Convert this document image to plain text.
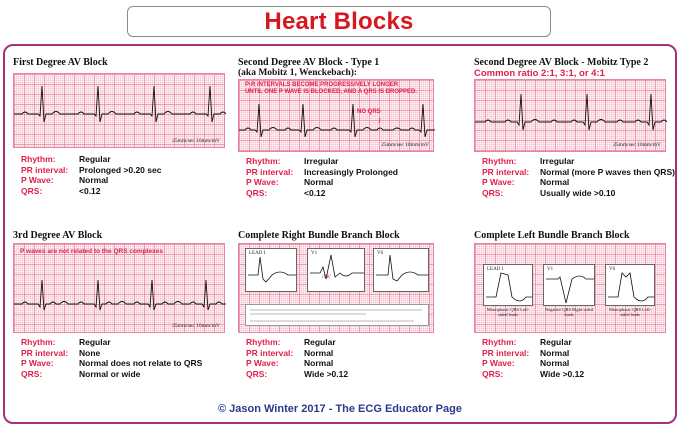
Heart Blocks
First Degree AV Block
25mm/sec 10mm/mV
Rhythm:	Regular
PR interval:	Prolonged >0.20 sec
P Wave:	Normal
QRS:	<0.12
Second Degree AV Block - Type 1
(aka Mobitz 1, Wenckebach):
P-R INTERVALS BECOME PROGRESSIVELY LONGER
UNTIL ONE P WAVE IS BLOCKED, AND A QRS IS DROPPED.
NO QRS
25mm/sec 10mm/mV
Rhythm:	Irregular
PR interval:	Increasingly Prolonged
P Wave:	Normal
QRS:	<0.12
Second Degree AV Block - Mobitz Type 2
Common ratio 2:1, 3:1, or 4:1
25mm/sec 10mm/mV
Rhythm:	Irregular
PR interval:	Normal (more P waves then QRS)
P Wave:	Normal
QRS:	Usually wide >0.10
3rd Degree AV Block
P waves are not related to the QRS complexes
25mm/sec 10mm/mV
Rhythm:	Regular
PR interval:	None
P Wave:	Normal does not relate to QRS
QRS:	Normal or wide
Complete Right Bundle Branch Block
LEAD I	V1
rSR'
V6
Rhythm:	Regular
PR interval:	Normal
P Wave:	Normal
QRS:	Wide >0.12
Complete Left Bundle Branch Block
LEAD I
Monophasic QRS Left-sided leads
V1
Negative QRS Right-sided leads
V6
Monophasic QRS Left-sided leads
Rhythm:	Regular
PR interval:	Normal
P Wave:	Normal
QRS:	Wide >0.12
© Jason Winter 2017 - The ECG Educator Page
